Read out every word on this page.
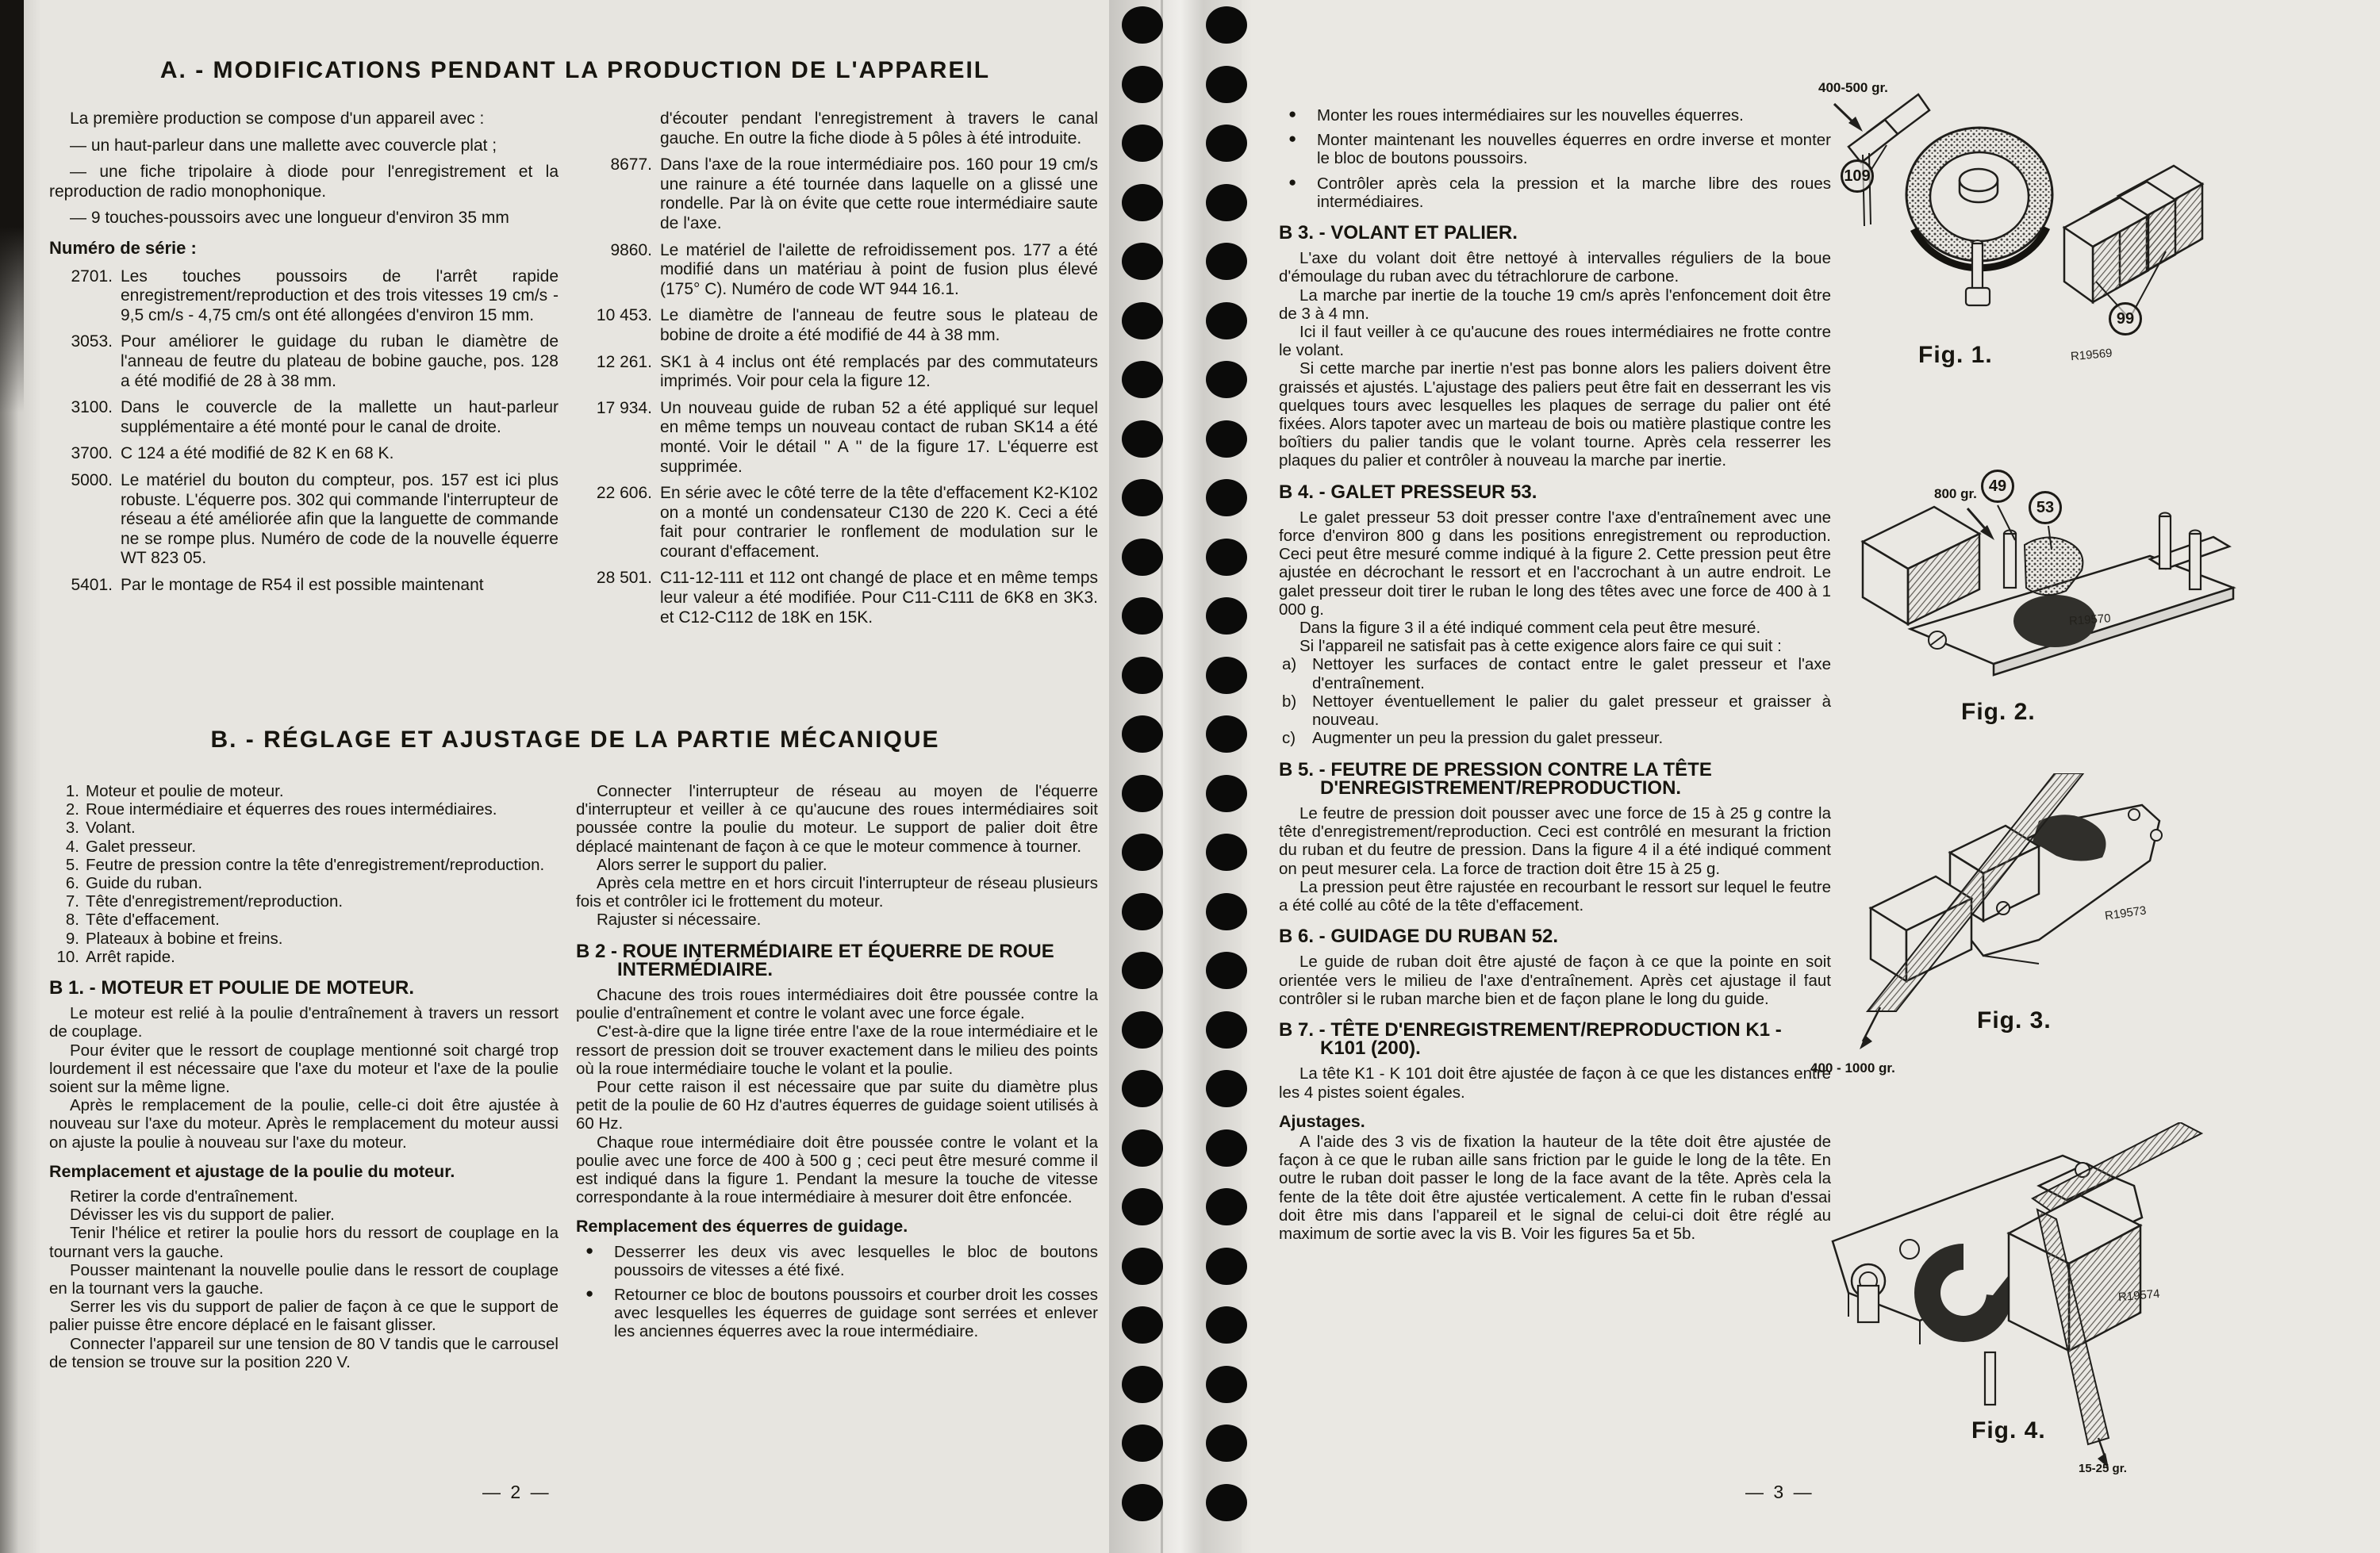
A. - MODIFICATIONS PENDANT LA PRODUCTION DE L'APPAREIL

La première production se compose d'un appareil avec :

— un haut-parleur dans une mallette avec couvercle plat ;

— une fiche tripolaire à diode pour l'enregistrement et la reproduction de radio monophonique.

— 9 touches-poussoirs avec une longueur d'environ 35 mm

Numéro de série :
2701. Les touches poussoirs de l'arrêt rapide enregistrement/reproduction et des trois vitesses 19 cm/s - 9,5 cm/s - 4,75 cm/s ont été allongées d'environ 15 mm.
3053. Pour améliorer le guidage du ruban le diamètre de l'anneau de feutre du plateau de bobine gauche, pos. 128 a été modifié de 28 à 38 mm.
3100. Dans le couvercle de la mallette un haut-parleur supplémentaire a été monté pour le canal de droite.
3700. C 124 a été modifié de 82 K en 68 K.
5000. Le matériel du bouton du compteur, pos. 157 est ici plus robuste. L'équerre pos. 302 qui commande l'interrupteur de réseau a été améliorée afin que la languette de commande ne se rompe plus. Numéro de code de la nouvelle équerre WT 823 05.
5401. Par le montage de R54 il est possible maintenant

d'écouter pendant l'enregistrement à travers le canal gauche. En outre la fiche diode à 5 pôles à été introduite.

8677. Dans l'axe de la roue intermédiaire pos. 160 pour 19 cm/s une rainure a été tournée dans laquelle on a glissé une rondelle. Par là on évite que cette roue intermédiaire saute de l'axe.
9860. Le matériel de l'ailette de refroidissement pos. 177 a été modifié dans un matériau à point de fusion plus élevé (175° C). Numéro de code WT 944 16.1.
10 453. Le diamètre de l'anneau de feutre sous le plateau de bobine de droite a été modifié de 44 à 38 mm.
12 261. SK1 à 4 inclus ont été remplacés par des commutateurs imprimés. Voir pour cela la figure 12.
17 934. Un nouveau guide de ruban 52 a été appliqué sur lequel en même temps un nouveau contact de ruban SK14 a été monté. Voir le détail '' A '' de la figure 17. L'équerre est supprimée.
22 606. En série avec le côté terre de la tête d'effacement K2-K102 on a monté un condensateur C130 de 220 K. Ceci a été fait pour contrarier le ronflement de modulation sur le courant d'effacement.
28 501. C11-12-111 et 112 ont changé de place et en même temps leur valeur a été modifiée. Pour C11-C111 de 6K8 en 3K3. et C12-C112 de 18K en 15K.
B. - RÉGLAGE ET AJUSTAGE DE LA PARTIE MÉCANIQUE
1. Moteur et poulie de moteur.
2. Roue intermédiaire et équerres des roues intermédiaires.
3. Volant.
4. Galet presseur.
5. Feutre de pression contre la tête d'enregistrement/reproduction.
6. Guide du ruban.
7. Tête d'enregistrement/reproduction.
8. Tête d'effacement.
9. Plateaux à bobine et freins.
10. Arrêt rapide.
B 1. - MOTEUR ET POULIE DE MOTEUR.

Le moteur est relié à la poulie d'entraînement à travers un ressort de couplage.

Pour éviter que le ressort de couplage mentionné soit chargé trop lourdement il est nécessaire que l'axe du moteur et l'axe de la poulie soient sur la même ligne.

Après le remplacement de la poulie, celle-ci doit être ajustée à nouveau sur l'axe du moteur. Après le remplacement du moteur aussi on ajuste la poulie à nouveau sur l'axe du moteur.

Remplacement et ajustage de la poulie du moteur.

Retirer la corde d'entraînement.

Dévisser les vis du support de palier.

Tenir l'hélice et retirer la poulie hors du ressort de couplage en la tournant vers la gauche.

Pousser maintenant la nouvelle poulie dans le ressort de couplage en la tournant vers la gauche.

Serrer les vis du support de palier de façon à ce que le support de palier puisse être encore déplacé en le faisant glisser.

Connecter l'appareil sur une tension de 80 V tandis que le carrousel de tension se trouve sur la position 220 V.

Connecter l'interrupteur de réseau au moyen de l'équerre d'interrupteur et veiller à ce qu'aucune des roues intermédiaires soit poussée contre la poulie du moteur. Le support de palier doit être déplacé maintenant de façon à ce que le moteur commence à tourner.

Alors serrer le support du palier.

Après cela mettre en et hors circuit l'interrupteur de réseau plusieurs fois et contrôler ici le frottement du moteur.

Rajuster si nécessaire.

B 2 - ROUE INTERMÉDIAIRE ET ÉQUERRE DE ROUE INTERMÉDIAIRE.

Chacune des trois roues intermédiaires doit être poussée contre la poulie d'entraînement et contre le volant avec une force égale.

C'est-à-dire que la ligne tirée entre l'axe de la roue intermédiaire et le ressort de pression doit se trouver exactement dans le milieu des points où la roue intermédiaire touche le volant et la poulie.

Pour cette raison il est nécessaire que par suite du diamètre plus petit de la poulie de 60 Hz d'autres équerres de guidage soient utilisés à 60 Hz.

Chaque roue intermédiaire doit être poussée contre le volant et la poulie avec une force de 400 à 500 g ; ceci peut être mesuré comme il est indiqué dans la figure 1. Pendant la mesure la touche de vitesse correspondante à la roue intermédiaire à mesurer doit être enfoncée.

Remplacement des équerres de guidage.
● Desserrer les deux vis avec lesquelles le bloc de boutons poussoirs de vitesses a été fixé.
● Retourner ce bloc de boutons poussoirs et courber droit les cosses avec lesquelles les équerres de guidage sont serrées et enlever les anciennes équerres avec la roue intermédiaire.
— 2 —
● Monter les roues intermédiaires sur les nouvelles équerres.
● Monter maintenant les nouvelles équerres en ordre inverse et monter le bloc de boutons poussoirs.
● Contrôler après cela la pression et la marche libre des roues intermédiaires.
B 3. - VOLANT ET PALIER.

L'axe du volant doit être nettoyé à intervalles réguliers de la boue d'émoulage du ruban avec du tétrachlorure de carbone.

La marche par inertie de la touche 19 cm/s après l'enfoncement doit être de 3 à 4 mn.

Ici il faut veiller à ce qu'aucune des roues intermédiaires ne frotte contre le volant.

Si cette marche par inertie n'est pas bonne alors les paliers doivent être graissés et ajustés. L'ajustage des paliers peut être fait en desserrant les vis quelques tours avec lesquelles les plaques de serrage du palier ont été fixées. Alors tapoter avec un marteau de bois ou matière plastique contre les boîtiers du palier tandis que le volant tourne. Après cela resserrer les plaques du palier et contrôler à nouveau la marche par inertie.

B 4. - GALET PRESSEUR 53.

Le galet presseur 53 doit presser contre l'axe d'entraînement avec une force d'environ 800 g dans les positions enregistrement ou reproduction. Ceci peut être mesuré comme indiqué à la figure 2. Cette pression peut être ajustée en décrochant le ressort et en l'accrochant à un autre endroit. Le galet presseur doit tirer le ruban le long des têtes avec une force de 400 à 1 000 g.

Dans la figure 3 il a été indiqué comment cela peut être mesuré.

Si l'appareil ne satisfait pas à cette exigence alors faire ce qui suit :

a) Nettoyer les surfaces de contact entre le galet presseur et l'axe d'entraînement.
b) Nettoyer éventuellement le palier du galet presseur et graisser à nouveau.
c) Augmenter un peu la pression du galet presseur.
B 5. - FEUTRE DE PRESSION CONTRE LA TÊTE D'ENREGISTREMENT/REPRODUCTION.

Le feutre de pression doit pousser avec une force de 15 à 25 g contre la tête d'enregistrement/reproduction. Ceci est contrôlé en mesurant la friction du ruban et du feutre de pression. Dans la figure 4 il a été indiqué comment on peut mesurer cela. La force de traction doit être 15 à 25 g.

La pression peut être rajustée en recourbant le ressort sur lequel le feutre a été collé au côté de la tête d'effacement.

B 6. - GUIDAGE DU RUBAN 52.

Le guide de ruban doit être ajusté de façon à ce que la pointe en soit orientée vers le milieu de l'axe d'entraînement. Après cet ajustage il faut contrôler si le ruban marche bien et de façon plane le long du guide.

B 7. - TÊTE D'ENREGISTREMENT/REPRODUCTION K1 - K101 (200).

La tête K1 - K 101 doit être ajustée de façon à ce que les distances entre les 4 pistes soient égales.

Ajustages.

A l'aide des 3 vis de fixation la hauteur de la tête doit être ajustée de façon à ce que le ruban aille sans friction par le guide le long de la tête. En outre le ruban doit passer le long de la face avant de la tête. Après cela la fente de la tête doit être ajustée verticalement. A cette fin le ruban d'essai doit être mis dans l'appareil et le signal de celui-ci doit être réglé au maximum de sortie avec la vis B. Voir les figures 5a et 5b.

— 3 —
400-500 gr.
109
99
R19569
Fig. 1.
800 gr. 49
53
R19570
Fig. 2.
R19573
Fig. 3.
400 - 1000 gr.
R19574
Fig. 4.
15-25 gr.
